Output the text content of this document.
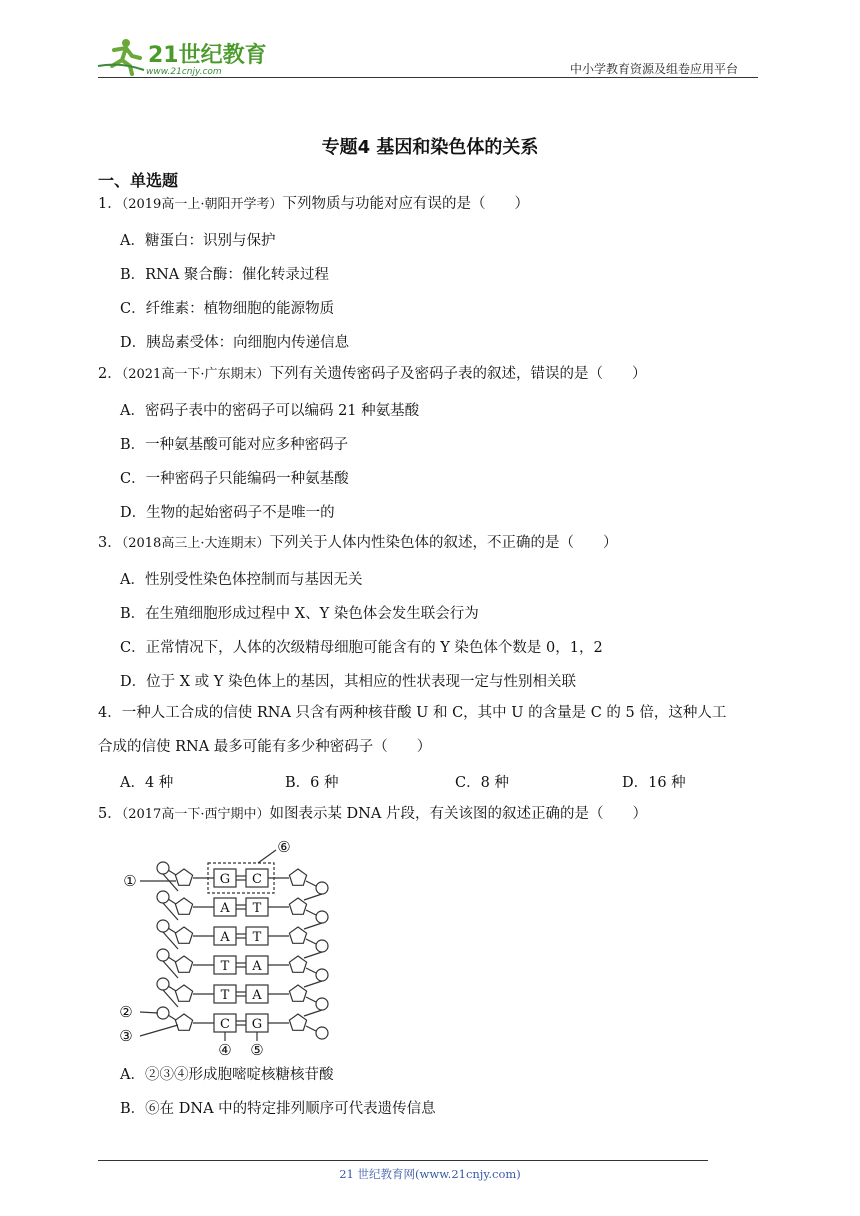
21世纪教育
www.21cnjy.com	中小学教育资源及组卷应用平台
专题4 基因和染色体的关系
一、单选题
1．（2019高一上·朝阳开学考）下列物质与功能对应有误的是（　　）
A．糖蛋白：识别与保护
B．RNA 聚合酶：催化转录过程
C．纤维素：植物细胞的能源物质
D．胰岛素受体：向细胞内传递信息
2．（2021高一下·广东期末）下列有关遗传密码子及密码子表的叙述，错误的是（　　）
A．密码子表中的密码子可以编码 21 种氨基酸
B．一种氨基酸可能对应多种密码子
C．一种密码子只能编码一种氨基酸
D．生物的起始密码子不是唯一的
3．（2018高三上·大连期末）下列关于人体内性染色体的叙述，不正确的是（　　）
A．性别受性染色体控制而与基因无关
B．在生殖细胞形成过程中 X、Y 染色体会发生联会行为
C．正常情况下，人体的次级精母细胞可能含有的 Y 染色体个数是 0，1，2
D．位于 X 或 Y 染色体上的基因，其相应的性状表现一定与性别相关联
4．一种人工合成的信使 RNA 只含有两种核苷酸 U 和 C，其中 U 的含量是 C 的 5 倍，这种人工
合成的信使 RNA 最多可能有多少种密码子（　　）
A．4 种	B．6 种	C．8 种	D．16 种
5．（2017高一下·西宁期中）如图表示某 DNA 片段，有关该图的叙述正确的是（　　）
G C
A T
A T
T A
T A
C G
①
②
③
④ ⑤
⑥
A．②③④形成胞嘧啶核糖核苷酸
B．⑥在 DNA 中的特定排列顺序可代表遗传信息
21 世纪教育网(www.21cnjy.com)
